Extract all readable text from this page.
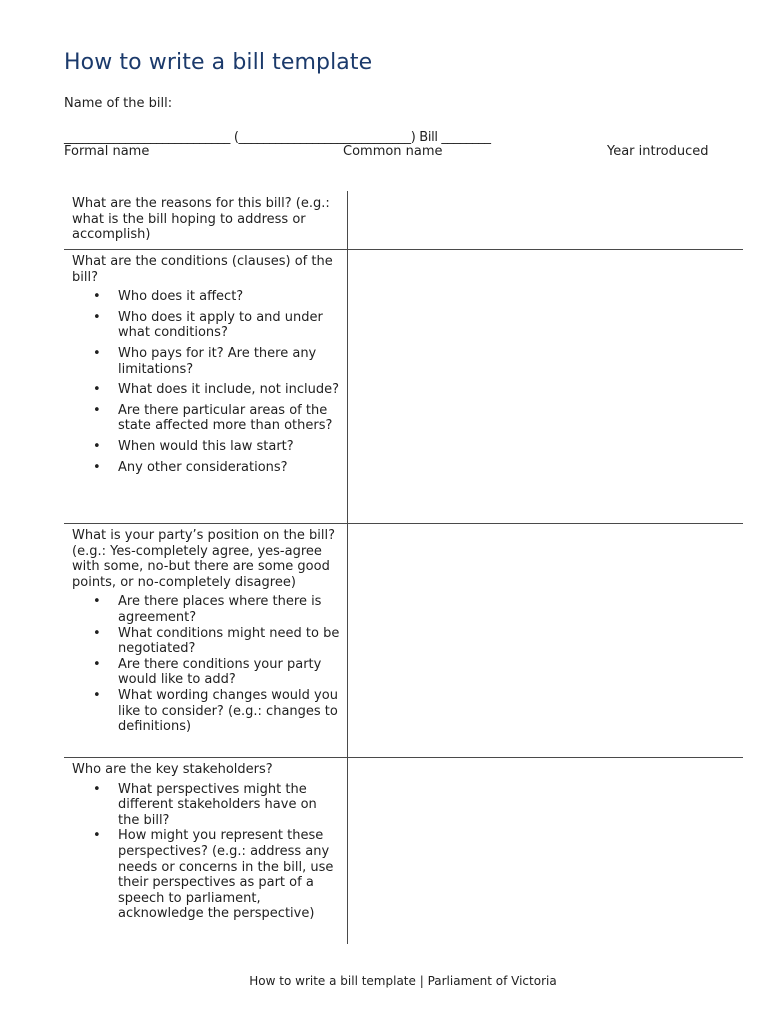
How to write a bill template
Name of the bill:
___________________________ (____________________________) Bill ________
Formal name	Common name	Year introduced

What are the reasons for this bill? (e.g.: what is the bill hoping to address or accomplish)

What are the conditions (clauses) of the bill?

• Who does it affect?
• Who does it apply to and under what conditions?
• Who pays for it? Are there any limitations?
• What does it include, not include?
• Are there particular areas of the state affected more than others?
• When would this law start?
• Any other considerations?

What is your party’s position on the bill? (e.g.: Yes-completely agree, yes-agree with some, no-but there are some good points, or no-completely disagree)

• Are there places where there is agreement?
• What conditions might need to be negotiated?
• Are there conditions your party would like to add?
• What wording changes would you like to consider? (e.g.: changes to definitions)

Who are the key stakeholders?

• What perspectives might the different stakeholders have on the bill?
• How might you represent these perspectives? (e.g.: address any needs or concerns in the bill, use their perspectives as part of a speech to parliament, acknowledge the perspective)
How to write a bill template | Parliament of Victoria
